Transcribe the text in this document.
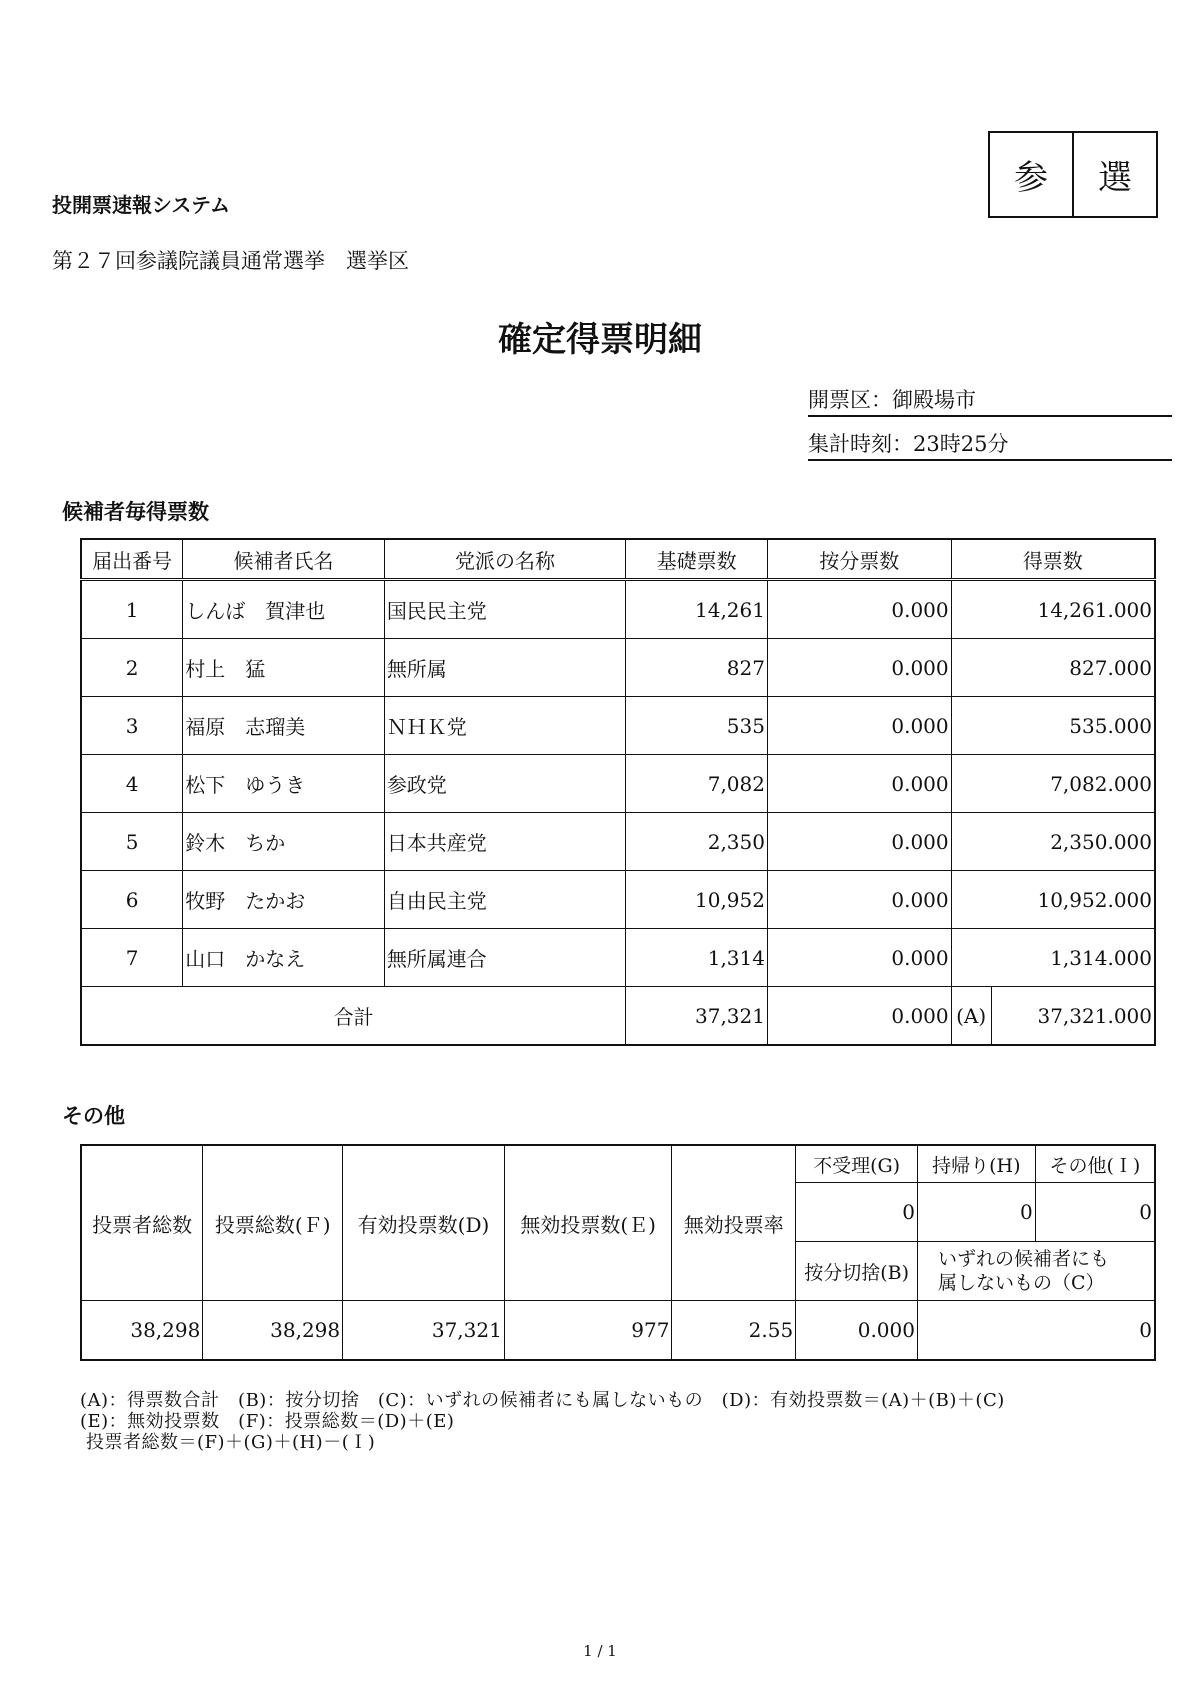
参	選
投開票速報システム
第２７回参議院議員通常選挙　選挙区
確定得票明細
開票区：御殿場市
集計時刻：23時25分
候補者毎得票数
届出番号	候補者氏名	党派の名称	基礎票数	按分票数	得票数	
1	しんば　賀津也	国民民主党	14,261	0.000	14,261.000	
2	村上　猛	無所属	827	0.000	827.000	
3	福原　志瑠美	ＮＨＫ党	535	0.000	535.000	
4	松下　ゆうき	参政党	7,082	0.000	7,082.000	
5	鈴木　ちか	日本共産党	2,350	0.000	2,350.000	
6	牧野　たかお	自由民主党	10,952	0.000	10,952.000	
7	山口　かなえ	無所属連合	1,314	0.000	1,314.000	
合計			37,321	0.000	(A)	37,321.000
その他
投票者総数	投票総数(Ｆ)	有効投票数(D)	無効投票数(Ｅ)	無効投票率	不受理(G)	持帰り(H)	その他(Ｉ)
					0	0	0
					按分切捨(B)	いずれの候補者にも
属しないもの（C）	

38,298	38,298	37,321	977	2.55	0.000	0	
(A)：得票数合計　(B)：按分切捨　(C)：いずれの候補者にも属しないもの　(D)：有効投票数＝(A)＋(B)＋(C)
(E)：無効投票数　(F)：投票総数＝(D)＋(E)
投票者総数＝(F)＋(G)＋(H)－(Ｉ)
1 / 1
